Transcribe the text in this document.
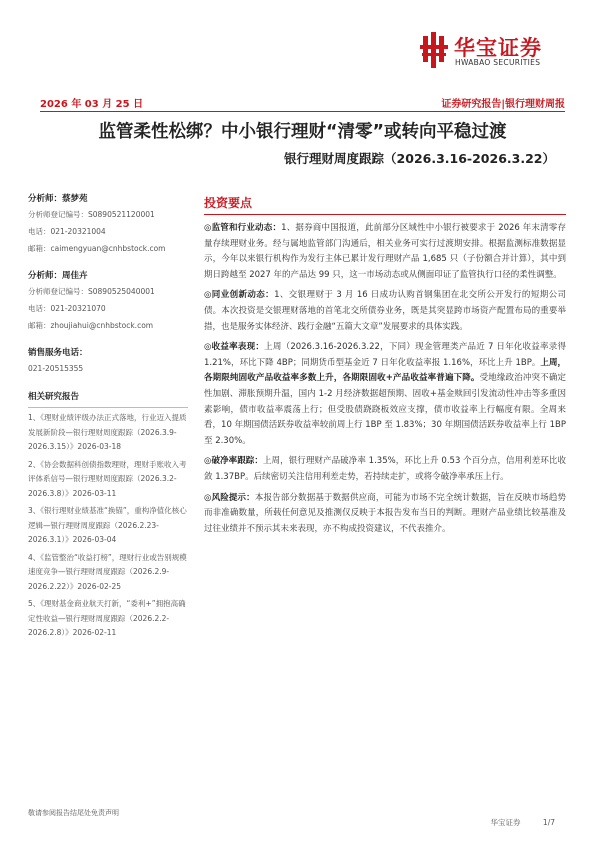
华宝证券
HWABAO SECURITIES
2026 年 03 月 25 日	证券研究报告|银行理财周报
监管柔性松绑？中小银行理财“清零”或转向平稳过渡
银行理财周度跟踪（2026.3.16-2026.3.22）
分析师：蔡梦苑
分析师登记编号：S0890521120001
电话：021-20321004
邮箱：caimengyuan@cnhbstock.com
分析师：周佳卉
分析师登记编号：S0890525040001
电话：021-20321070
邮箱：zhoujiahui@cnhbstock.com
销售服务电话：
021-20515355
相关研究报告
1、《理财业绩评级办法正式落地，行业迈入提质发展新阶段—银行理财周度跟踪（2026.3.9-2026.3.15）》2026-03-18
2、《协会数据科创债指数理财，理财手账收入考评体系信号—银行理财周度跟踪（2026.3.2-2026.3.8）》2026-03-11
3、《银行理财业绩基准“换锚”，重构净值化核心逻辑—银行理财周度跟踪（2026.2.23-2026.3.1）》2026-03-04
4、《监管整治“收益打榜”，理财行业或告别规模速度竞争—银行理财周度跟踪（2026.2.9-2026.2.22）》2026-02-25
5、《理财基金商业航天打新，“委利+”拥抱高确定性收益—银行理财周度跟踪（2026.2.2-2026.2.8）》2026-02-11
投资要点

◎监管和行业动态：1、据券商中国报道，此前部分区域性中小银行被要求于 2026 年末清零存量存续理财业务。经与属地监管部门沟通后，相关业务可实行过渡期安排。根据监测标准数据显示，今年以来银行机构作为发行主体已累计发行理财产品 1,685 只（子份额合并计算），其中到期日跨越至 2027 年的产品达 99 只，这一市场动态或从侧面印证了监管执行口径的柔性调整。

◎同业创新动态：1、交银理财于 3 月 16 日成功认购首钢集团在北交所公开发行的短期公司债。本次投资是交银理财落地的首笔北交所债券业务，既是其突显跨市场资产配置布局的重要举措，也是服务实体经济、践行金融“五篇大文章”发展要求的具体实践。

◎收益率表现：上周（2026.3.16-2026.3.22，下同）现金管理类产品近 7 日年化收益率录得 1.21%，环比下降 4BP；同期货币型基金近 7 日年化收益率报 1.16%，环比上升 1BP。上周，各期限纯固收产品收益率多数上升，各期限固收+产品收益率普遍下降。受地缘政治冲突不确定性加剧、滞胀预期升温，国内 1-2 月经济数据超预期、固收+基金赎回引发流动性冲击等多重因素影响，债市收益率震荡上行；但受股债跷跷板效应支撑，债市收益率上行幅度有限。全周来看，10 年期国债活跃券收益率较前周上行 1BP 至 1.83%；30 年期国债活跃券收益率上行 1BP 至 2.30%。

◎破净率跟踪：上周，银行理财产品破净率 1.35%，环比上升 0.53 个百分点，信用利差环比收敛 1.37BP。后续密切关注信用利差走势，若持续走扩，或将令破净率承压上行。

◎风险提示：本报告部分数据基于数据供应商，可能为市场不完全统计数据，旨在反映市场趋势而非准确数量，所载任何意见及推测仅反映于本报告发布当日的判断。理财产品业绩比较基准及过往业绩并不预示其未来表现，亦不构成投资建议，不代表推介。

敬请参阅报告结尾处免责声明
华宝证券	1/7
